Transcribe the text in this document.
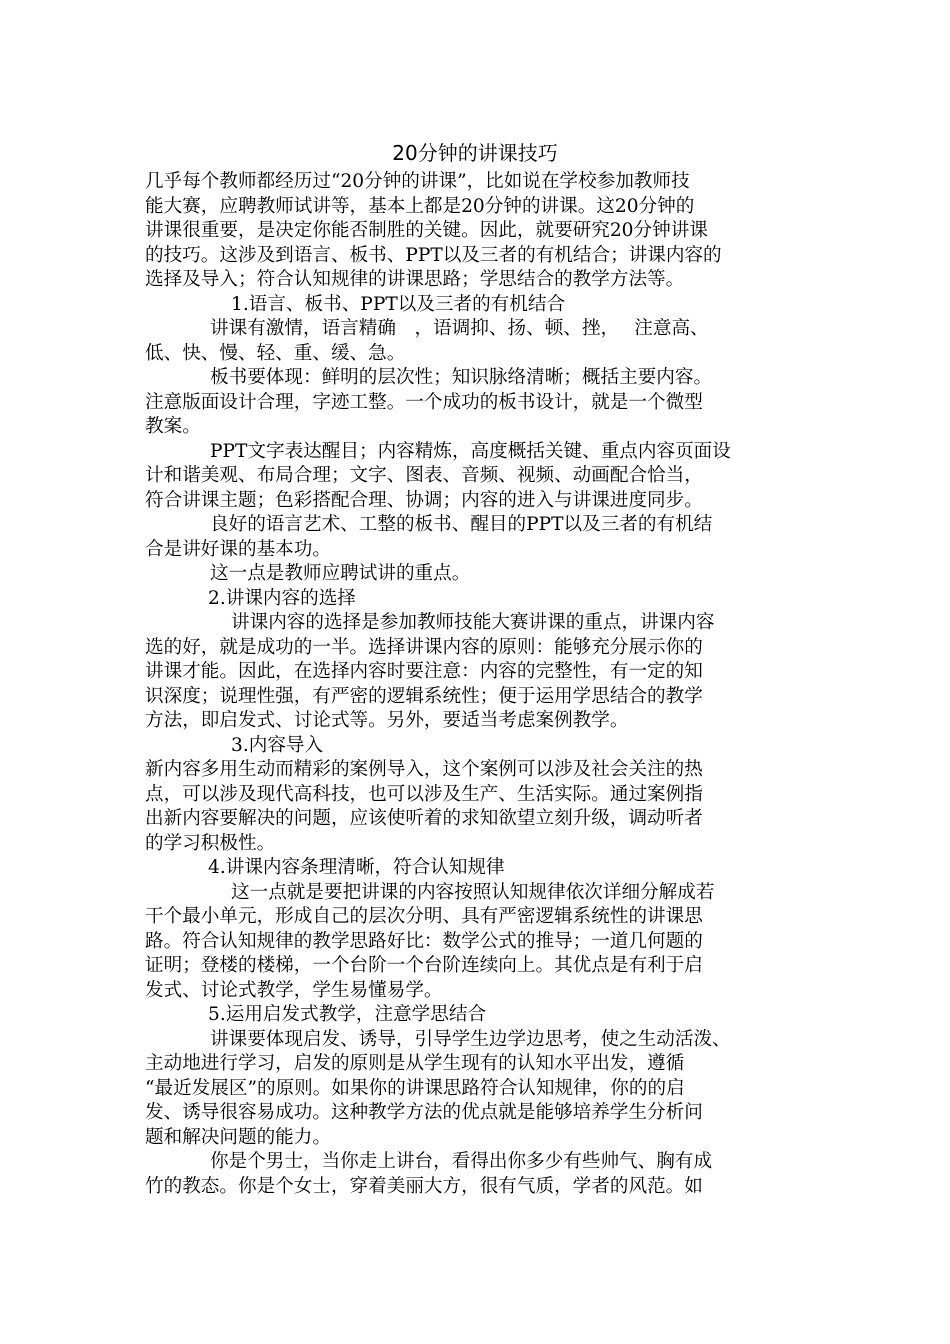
20分钟的讲课技巧
几乎每个教师都经历过“20分钟的讲课”，比如说在学校参加教师技
能大赛，应聘教师试讲等，基本上都是20分钟的讲课。这20分钟的
讲课很重要，是决定你能否制胜的关键。因此，就要研究20分钟讲课
的技巧。这涉及到语言、板书、PPT以及三者的有机结合；讲课内容的
选择及导入；符合认知规律的讲课思路；学思结合的教学方法等。
1.语言、板书、PPT以及三者的有机结合
讲课有激情，语言精确　，语调抑、扬、顿、挫，　 注意高、
低、快、慢、轻、重、缓、急。
板书要体现：鲜明的层次性；知识脉络清晰；概括主要内容。
注意版面设计合理，字迹工整。一个成功的板书设计，就是一个微型
教案。
PPT文字表达醒目；内容精炼，高度概括关键、重点内容页面设
计和谐美观、布局合理；文字、图表、音频、视频、动画配合恰当，
符合讲课主题；色彩搭配合理、协调；内容的进入与讲课进度同步。
良好的语言艺术、工整的板书、醒目的PPT以及三者的有机结
合是讲好课的基本功。
这一点是教师应聘试讲的重点。
2.讲课内容的选择
讲课内容的选择是参加教师技能大赛讲课的重点，讲课内容
选的好，就是成功的一半。选择讲课内容的原则：能够充分展示你的
讲课才能。因此，在选择内容时要注意：内容的完整性，有一定的知
识深度；说理性强，有严密的逻辑系统性；便于运用学思结合的教学
方法，即启发式、讨论式等。另外，要适当考虑案例教学。
3.内容导入
新内容多用生动而精彩的案例导入，这个案例可以涉及社会关注的热
点，可以涉及现代高科技，也可以涉及生产、生活实际。通过案例指
出新内容要解决的问题，应该使听着的求知欲望立刻升级，调动听者
的学习积极性。
4.讲课内容条理清晰，符合认知规律
这一点就是要把讲课的内容按照认知规律依次详细分解成若
干个最小单元，形成自己的层次分明、具有严密逻辑系统性的讲课思
路。符合认知规律的教学思路好比：数学公式的推导；一道几何题的
证明；登楼的楼梯，一个台阶一个台阶连续向上。其优点是有利于启
发式、讨论式教学，学生易懂易学。
5.运用启发式教学，注意学思结合
讲课要体现启发、诱导，引导学生边学边思考，使之生动活泼、
主动地进行学习，启发的原则是从学生现有的认知水平出发，遵循
“最近发展区”的原则。如果你的讲课思路符合认知规律，你的的启
发、诱导很容易成功。这种教学方法的优点就是能够培养学生分析问
题和解决问题的能力。
你是个男士，当你走上讲台，看得出你多少有些帅气、胸有成
竹的教态。你是个女士，穿着美丽大方，很有气质，学者的风范。如
